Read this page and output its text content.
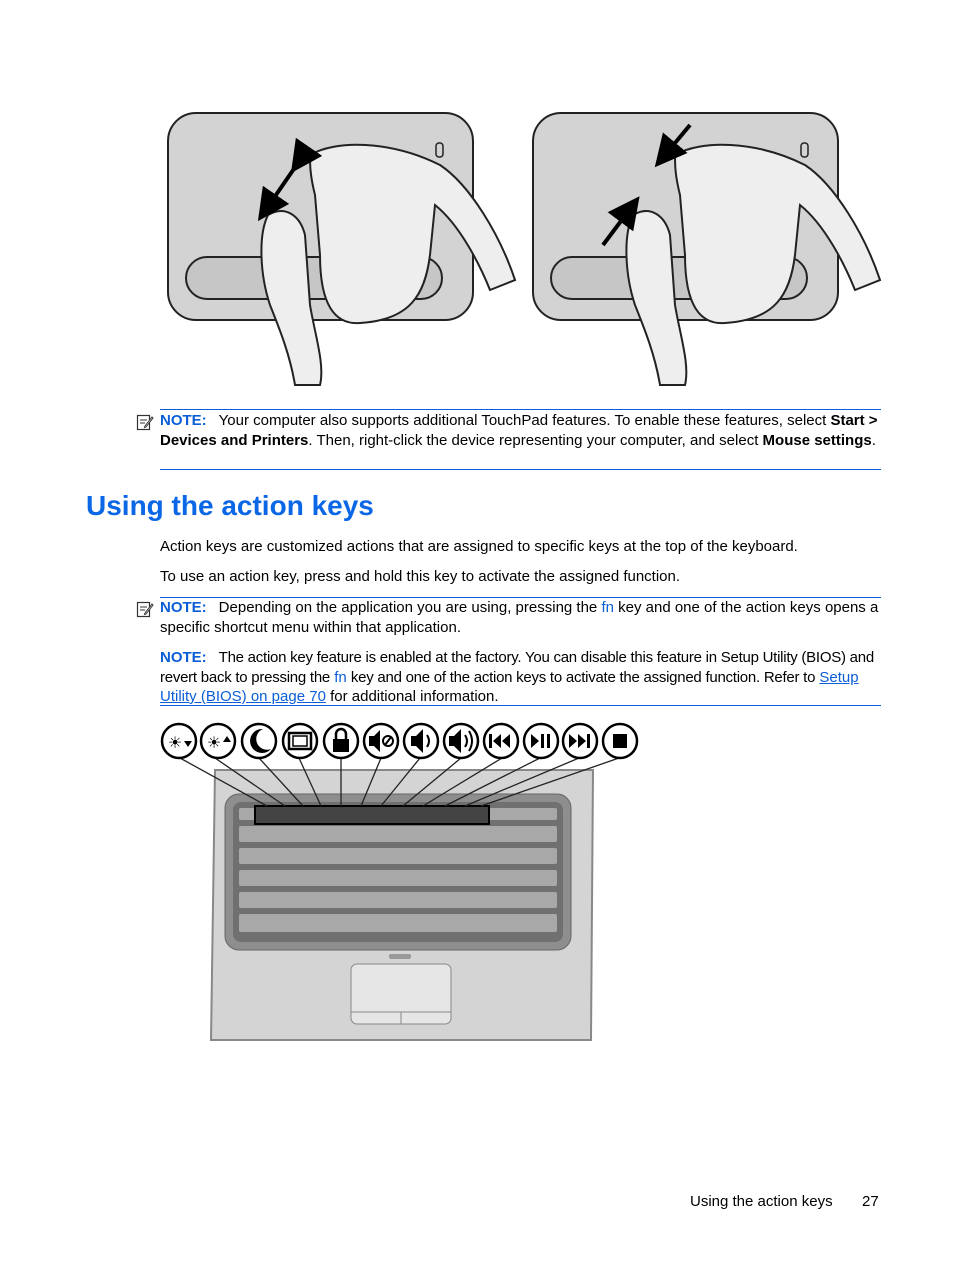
NOTE: Your computer also supports additional TouchPad features. To enable these features, select Start > Devices and Printers. Then, right-click the device representing your computer, and select Mouse settings.
Using the action keys
Action keys are customized actions that are assigned to specific keys at the top of the keyboard.
To use an action key, press and hold this key to activate the assigned function.
NOTE: Depending on the application you are using, pressing the fn key and one of the action keys opens a specific shortcut menu within that application.
NOTE: The action key feature is enabled at the factory. You can disable this feature in Setup Utility (BIOS) and revert back to pressing the fn key and one of the action keys to activate the assigned function. Refer to Setup Utility (BIOS) on page 70 for additional information.
☀ ☀
Using the action keys 27
